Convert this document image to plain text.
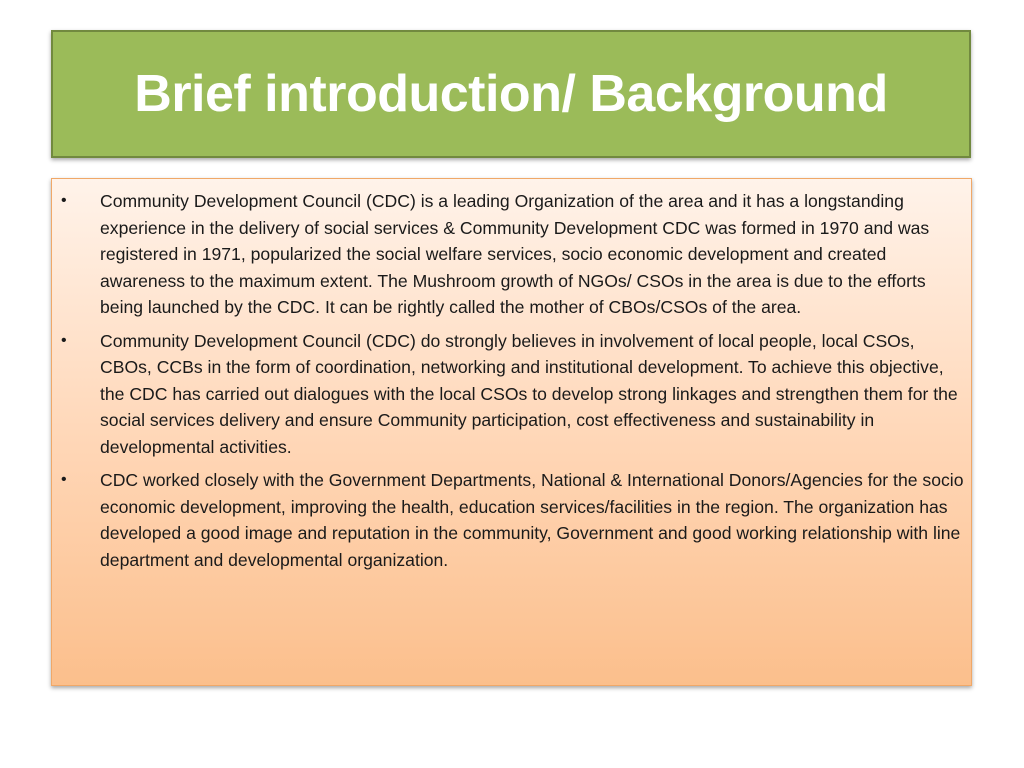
Brief introduction/ Background
• Community Development Council (CDC) is a leading Organization of the area and it has a longstanding experience in the delivery of social services & Community Development CDC was formed in 1970 and was registered in 1971, popularized the social welfare services, socio economic development and created awareness to the maximum extent. The Mushroom growth of NGOs/ CSOs in the area is due to the efforts being launched by the CDC. It can be rightly called the mother of CBOs/CSOs of the area.
• Community Development Council (CDC) do strongly believes in involvement of local people, local CSOs, CBOs, CCBs in the form of coordination, networking and institutional development. To achieve this objective, the CDC has carried out dialogues with the local CSOs to develop strong linkages and strengthen them for the social services delivery and ensure Community participation, cost effectiveness and sustainability in developmental activities.
• CDC worked closely with the Government Departments, National & International Donors/Agencies for the socio economic development, improving the health, education services/facilities in the region. The organization has developed a good image and reputation in the community, Government and good working relationship with line department and developmental organization.
